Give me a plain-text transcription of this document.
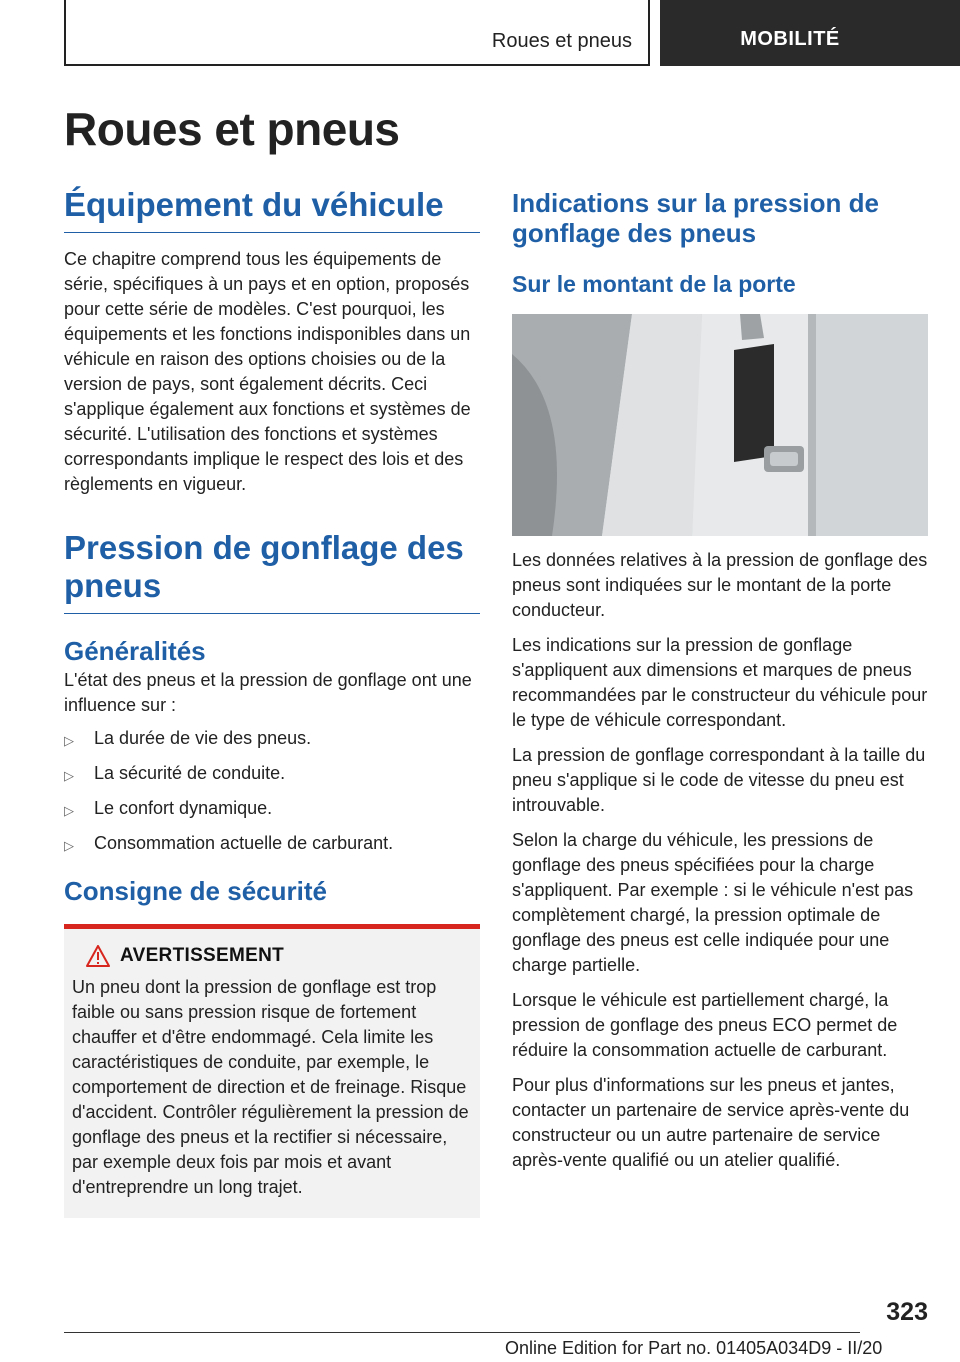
Roues et pneus	MOBILITÉ
Roues et pneus
Équipement du véhicule

Ce chapitre comprend tous les équipements de série, spécifiques à un pays et en option, proposés pour cette série de modèles. C'est pourquoi, les équipements et les fonctions indisponibles dans un véhicule en raison des options choisies ou de la version de pays, sont également décrits. Ceci s'applique également aux fonctions et systèmes de sécurité. L'utilisation des fonctions et systèmes correspondants implique le respect des lois et des règlements en vigueur.

Pression de gonflage des pneus
Généralités

L'état des pneus et la pression de gonflage ont une influence sur :

▷	La durée de vie des pneus.
▷	La sécurité de conduite.
▷	Le confort dynamique.
▷	Consommation actuelle de carburant.
Consigne de sécurité
AVERTISSEMENT

Un pneu dont la pression de gonflage est trop faible ou sans pression risque de fortement chauffer et d'être endommagé. Cela limite les caractéristiques de conduite, par exemple, le comportement de direction et de freinage. Risque d'accident. Contrôler régulièrement la pression de gonflage des pneus et la rectifier si nécessaire, par exemple deux fois par mois et avant d'entreprendre un long trajet.

Indications sur la pression de gonflage des pneus
Sur le montant de la porte

Les données relatives à la pression de gonflage des pneus sont indiquées sur le montant de la porte conducteur.

Les indications sur la pression de gonflage s'appliquent aux dimensions et marques de pneus recommandées par le constructeur du véhicule pour le type de véhicule correspondant.

La pression de gonflage correspondant à la taille du pneu s'applique si le code de vitesse du pneu est introuvable.

Selon la charge du véhicule, les pressions de gonflage des pneus spécifiées pour la charge s'appliquent. Par exemple : si le véhicule n'est pas complètement chargé, la pression optimale de gonflage des pneus est celle indiquée pour une charge partielle.

Lorsque le véhicule est partiellement chargé, la pression de gonflage des pneus ECO permet de réduire la consommation actuelle de carburant.

Pour plus d'informations sur les pneus et jantes, contacter un partenaire de service après-vente du constructeur ou un autre partenaire de service après-vente qualifié ou un atelier qualifié.

323
Online Edition for Part no. 01405A034D9 - II/20
